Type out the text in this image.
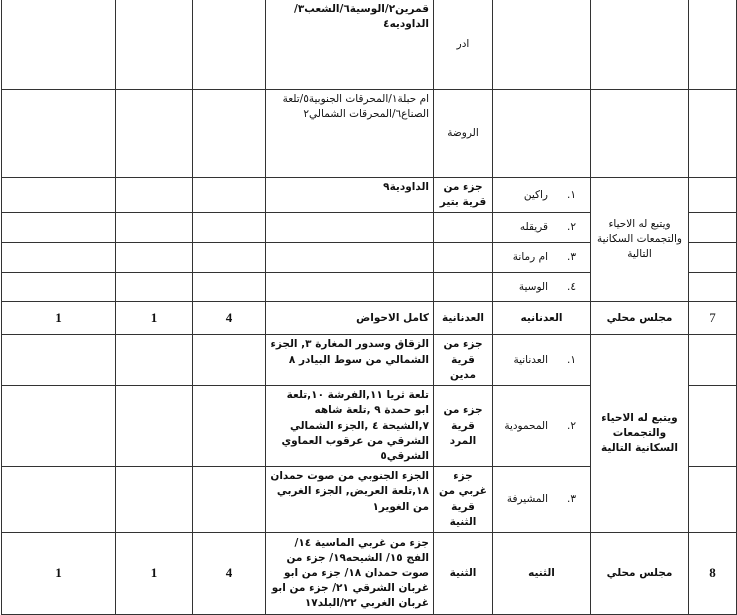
			قمرين٢/الوسية٦/الشعب٣/الداوديه٤	ادر			
			ام حبلة١/المحرقات الجنوبية٥/تلعة الصناع٦/المحرقات الشمالي٢	الروضة			
			الداودية٩	جزء من قرية بتير	١.راكين	ويتبع له الاحياء والتجمعات السكانية التالية	
					٢.قريقله		
					٣.ام رمانة		
					٤.الوسية		
1	1	4	كامل الاحواض	العدنانية	العدنانيه	مجلس محلي	7
			الزقاق وسدور المغارة ٣, الجزء الشمالي من سوط البيادر ٨	جزء من قرية مدين	١.العدنانية	ويتبع له الاحياء والتجمعات السكانية التالية	
			تلعة ثريا ١١,الفرشة ١٠,تلعة ابو حمدة ٩ ,تلعة شاهه ٧,الشيحة ٤ ,الجزء الشمالي الشرقي من عرقوب العماوي الشرقي٥	جزء من قرية المرد	٢.المحمودية		
			الجزء الجنوبي من صوت حمدان ١٨,تلعة العريض, الجزء الغربي من الغوير١	جزء غربي من قرية الثنية	٣.المشيرفة		
1	1	4	جزء من غربي الماسية ١٤/ الفج ١٥/ الشيحه١٩/ جزء من صوت حمدان ١٨/ جزء من ابو غربان الشرقي ٢١/ جزء من ابو غربان الغربي ٢٢/البلد١٧	الثنية	الثنيه	مجلس محلي	8
